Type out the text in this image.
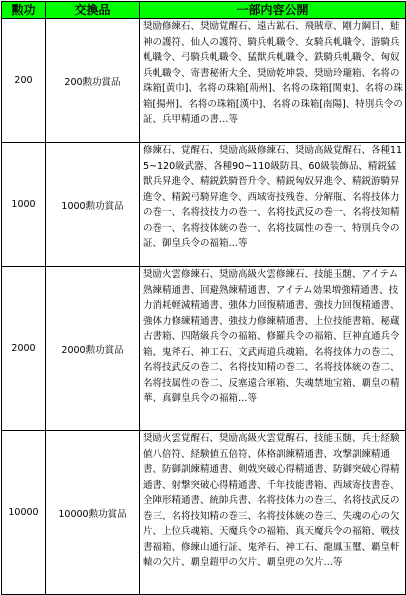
勲功	交換品	一部内容公開
200	200勲功賞品	奨励修練石、奨励覚醒石、遠古鉱石、飛賊章、剛力綱目、鮭神の護符、仙人の護符、騎兵軋職令、女騎兵軋職令、游騎兵軋職令、弓騎兵軋職令、猛獣兵軋職令、鉄騎兵軋職令、匈奴兵軋職令、寄書秘術大全、奨励乾坤袋、奨励玲瓏箱、名将の珠箱[黄巾]、名将の珠箱[荊州]、名将の珠箱[関東]、名将の珠箱[揚州]、名将の珠箱[漢中]、名将の珠箱[南陽]、特別兵令の証、兵甲精通の書…等
1000	1000勲功賞品	修練石、覚醒石、奨励高級修練石、奨励高級覚醒石、各種115~120級武器、各種90~110級防具、60級装飾品、精鋭猛獣兵昇進令、精鋭鉄騎晋升令、精鋭匈奴昇進令、精鋭游騎昇進令、精鋭弓騎昇進令、西域寄技残巻、分解瓶、名将技体力の巻一、名将技技力の巻一、名将技武反の巻一、名将技知精の巻一、名将技体統の巻一、名将技属性の巻一、特別兵令の証、御皇兵令の福箱…等
2000	2000勲功賞品	奨励火雲修練石、奨励高級火雲修練石、技能玉髄、アイテム熟練精通書、回避熟練精通書、アイテム効果増強精通書、技力消耗軽減精通書、強体力回復精通書、強技力回復精通書、強体力修練精通書、強技力修練精通書、上位技能書箱、秘蔵古書箱、四階級兵令の福箱、修羅兵令の福箱、巨神直通兵令箱、鬼斧石、神工石、文武両道兵魂箱、名将技体力の巻二、名将技武反の巻二、名将技知精の巻二、名将技体統の巻二、名将技属性の巻二、反塞遠合軍箱、失魂禁地宝箱、覇皇の精華、真御皇兵令の福箱…等
10000	10000勲功賞品	奨励火雲覚醒石、奨励高級火雲覚醒石、技能玉髄、兵士経験値八倍符、経験値五倍符、体格訓練精通書、攻撃訓練精通書、防御訓練精通書、剣戟突破心得精通書、防御突破心得精通書、射撃突破心得精通書、千年技能書箱、西域寄技書巻、全陣形精通書、統帥兵書、名将技体力の巻三、名将技武反の巻三、名将技知精の巻三、名将技体統の巻三、失魂の心の欠片、上位兵魂箱、天魔兵令の福箱、真天魔兵令の福箱、戦技書福箱、修練山通行証、鬼斧石、神工石、龍鳳玉璽、覇皇軒轅の欠片、覇皇鎧甲の欠片、覇皇兜の欠片…等
